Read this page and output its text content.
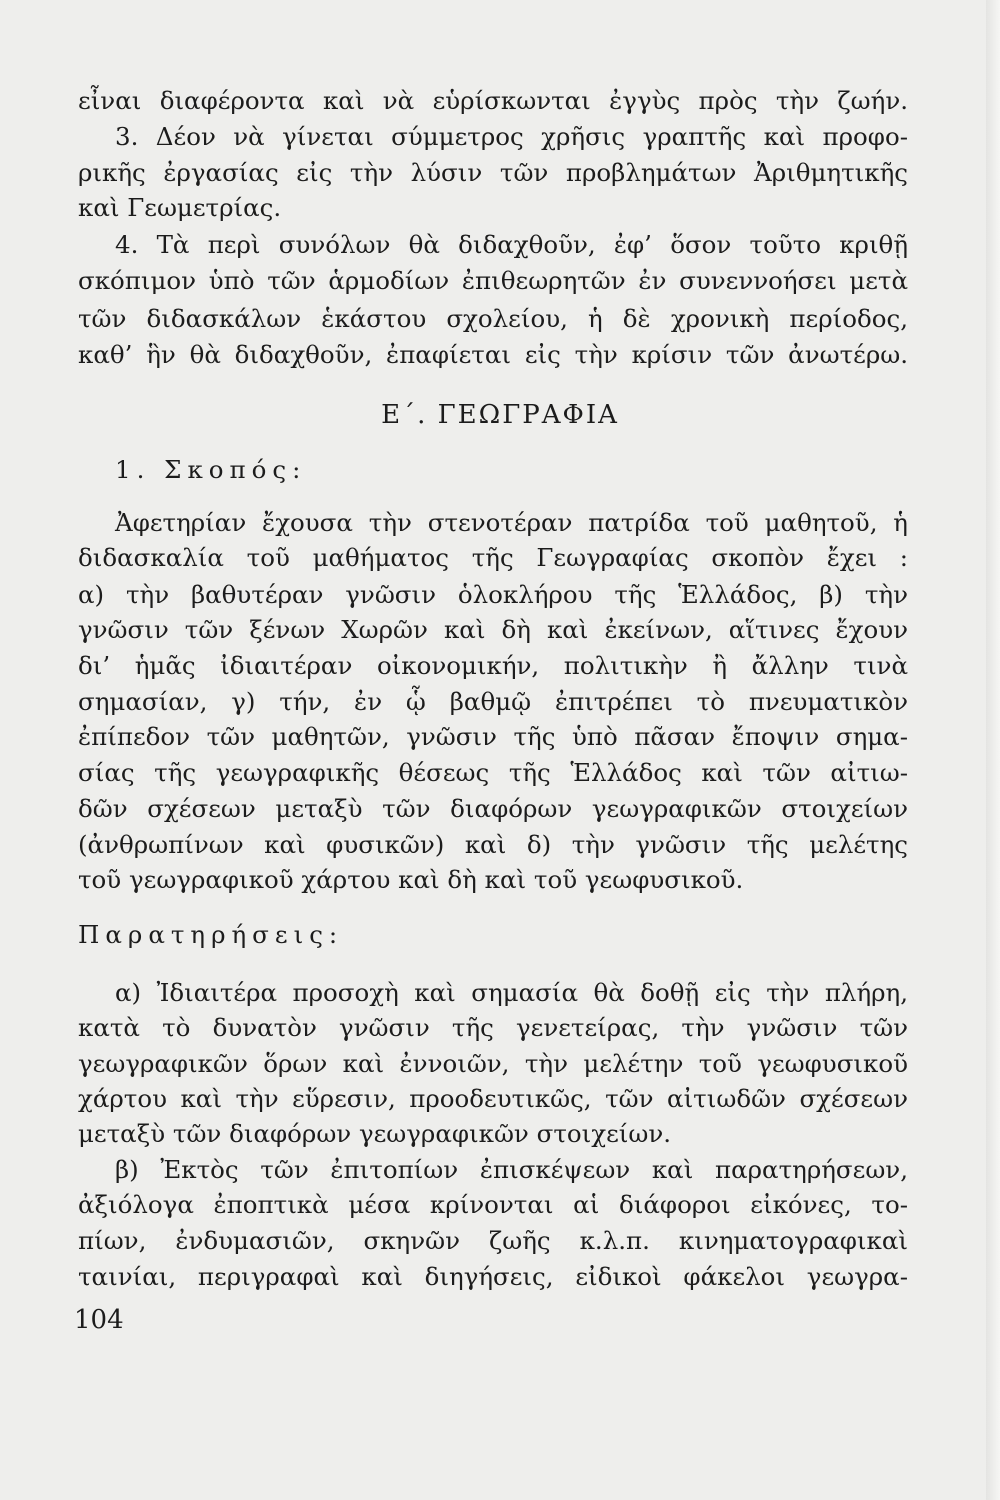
εἶναι διαφέροντα καὶ νὰ εὑρίσκωνται ἐγγὺς πρὸς τὴν ζωήν.
3. Δέον νὰ γίνεται σύμμετρος χρῆσις γραπτῆς καὶ προφο-
ρικῆς ἐργασίας εἰς τὴν λύσιν τῶν προβλημάτων Ἀριθμητικῆς
καὶ Γεωμετρίας.
4. Τὰ περὶ συνόλων θὰ διδαχθοῦν, ἐφ’ ὅσον τοῦτο κριθῇ
σκόπιμον ὑπὸ τῶν ἁρμοδίων ἐπιθεωρητῶν ἐν συνεννοήσει μετὰ
τῶν διδασκάλων ἑκάστου σχολείου, ἡ δὲ χρονικὴ περίοδος,
καθ’ ἣν θὰ διδαχθοῦν, ἐπαφίεται εἰς τὴν κρίσιν τῶν ἀνωτέρω.
Ε΄. ΓΕΩΓΡΑΦΙΑ
1. Σκοπός:
Ἀφετηρίαν ἔχουσα τὴν στενοτέραν πατρίδα τοῦ μαθητοῦ, ἡ
διδασκαλία τοῦ μαθήματος τῆς Γεωγραφίας σκοπὸν ἔχει :
α) τὴν βαθυτέραν γνῶσιν ὁλοκλήρου τῆς Ἑλλάδος, β) τὴν
γνῶσιν τῶν ξένων Χωρῶν καὶ δὴ καὶ ἐκείνων, αἵτινες ἔχουν
δι’ ἡμᾶς ἰδιαιτέραν οἰκονομικήν, πολιτικὴν ἢ ἄλλην τινὰ
σημασίαν, γ) τήν, ἐν ᾧ βαθμῷ ἐπιτρέπει τὸ πνευματικὸν
ἐπίπεδον τῶν μαθητῶν, γνῶσιν τῆς ὑπὸ πᾶσαν ἔποψιν σημα-
σίας τῆς γεωγραφικῆς θέσεως τῆς Ἑλλάδος καὶ τῶν αἰτιω-
δῶν σχέσεων μεταξὺ τῶν διαφόρων γεωγραφικῶν στοιχείων
(ἀνθρωπίνων καὶ φυσικῶν) καὶ δ) τὴν γνῶσιν τῆς μελέτης
τοῦ γεωγραφικοῦ χάρτου καὶ δὴ καὶ τοῦ γεωφυσικοῦ.
Παρατηρήσεις:
α) Ἰδιαιτέρα προσοχὴ καὶ σημασία θὰ δοθῇ εἰς τὴν πλήρη,
κατὰ τὸ δυνατὸν γνῶσιν τῆς γενετείρας, τὴν γνῶσιν τῶν
γεωγραφικῶν ὅρων καὶ ἐννοιῶν, τὴν μελέτην τοῦ γεωφυσικοῦ
χάρτου καὶ τὴν εὕρεσιν, προοδευτικῶς, τῶν αἰτιωδῶν σχέσεων
μεταξὺ τῶν διαφόρων γεωγραφικῶν στοιχείων.
β) Ἐκτὸς τῶν ἐπιτοπίων ἐπισκέψεων καὶ παρατηρήσεων,
ἀξιόλογα ἐποπτικὰ μέσα κρίνονται αἱ διάφοροι εἰκόνες, το-
πίων, ἐνδυμασιῶν, σκηνῶν ζωῆς κ.λ.π. κινηματογραφικαὶ
ταινίαι, περιγραφαὶ καὶ διηγήσεις, εἰδικοὶ φάκελοι γεωγρα-
104
